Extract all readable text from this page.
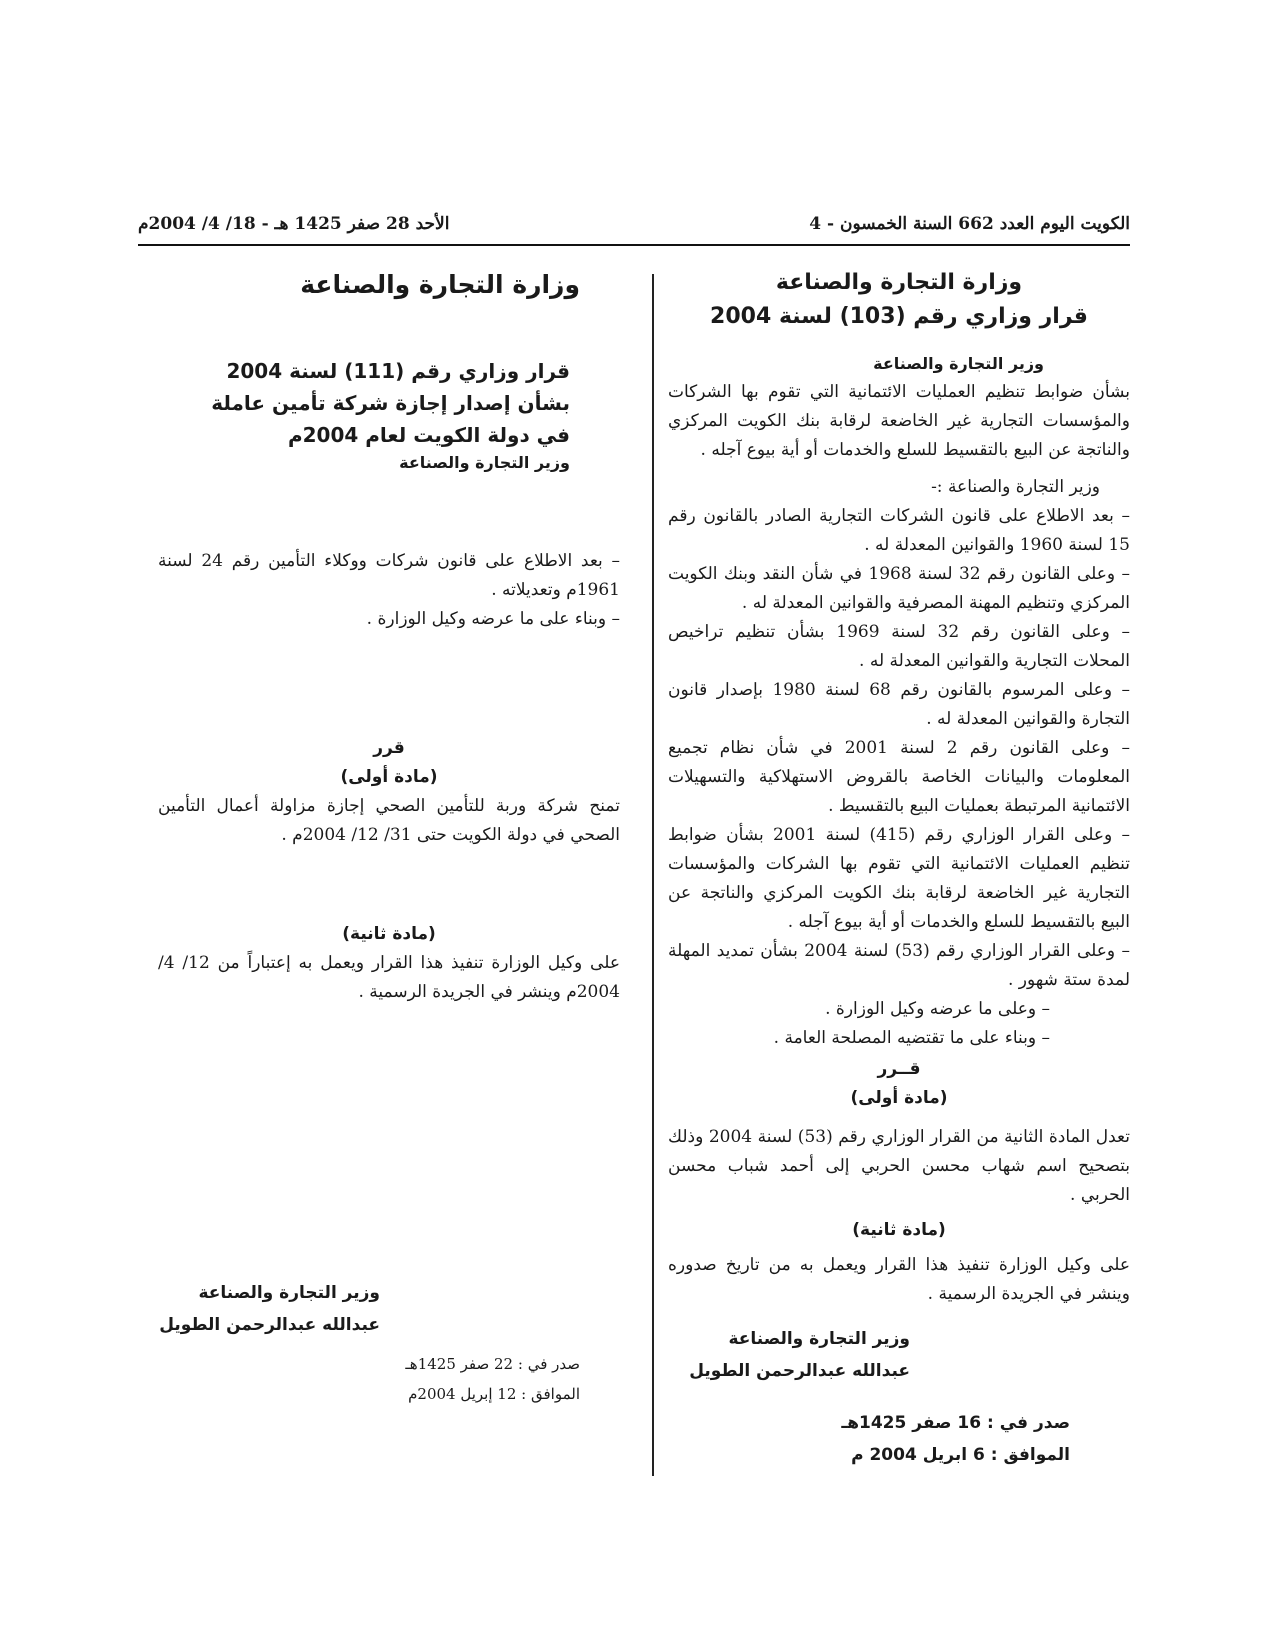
الكويت اليوم العدد 662 السنة الخمسون - 4
الأحد 28 صفر 1425 هـ - 18/ 4/ 2004م

وزارة التجارة والصناعة

قرار وزاري رقم (103) لسنة 2004

وزير التجارة والصناعة

بشأن ضوابط تنظيم العمليات الائتمانية التي تقوم بها الشركات والمؤسسات التجارية غير الخاضعة لرقابة بنك الكويت المركزي والناتجة عن البيع بالتقسيط للسلع والخدمات أو أية بيوع آجله .

وزير التجارة والصناعة :-

– بعد الاطلاع على قانون الشركات التجارية الصادر بالقانون رقم 15 لسنة 1960 والقوانين المعدلة له .

– وعلى القانون رقم 32 لسنة 1968 في شأن النقد وبنك الكويت المركزي وتنظيم المهنة المصرفية والقوانين المعدلة له .

– وعلى القانون رقم 32 لسنة 1969 بشأن تنظيم تراخيص المحلات التجارية والقوانين المعدلة له .

– وعلى المرسوم بالقانون رقم 68 لسنة 1980 بإصدار قانون التجارة والقوانين المعدلة له .

– وعلى القانون رقم 2 لسنة 2001 في شأن نظام تجميع المعلومات والبيانات الخاصة بالقروض الاستهلاكية والتسهيلات الائتمانية المرتبطة بعمليات البيع بالتقسيط .

– وعلى القرار الوزاري رقم (415) لسنة 2001 بشأن ضوابط تنظيم العمليات الائتمانية التي تقوم بها الشركات والمؤسسات التجارية غير الخاضعة لرقابة بنك الكويت المركزي والناتجة عن البيع بالتقسيط للسلع والخدمات أو أية بيوع آجله .

– وعلى القرار الوزاري رقم (53) لسنة 2004 بشأن تمديد المهلة لمدة ستة شهور .

– وعلى ما عرضه وكيل الوزارة .

– وبناء على ما تقتضيه المصلحة العامة .

قــرر

(مادة أولى)

تعدل المادة الثانية من القرار الوزاري رقم (53) لسنة 2004 وذلك بتصحيح اسم شهاب محسن الحربي إلى أحمد شباب محسن الحربي .

(مادة ثانية)

على وكيل الوزارة تنفيذ هذا القرار ويعمل به من تاريخ صدوره وينشر في الجريدة الرسمية .

وزير التجارة والصناعة
عبدالله عبدالرحمن الطويل
صدر في : 16 صفر 1425هـ
الموافق : 6 ابريل 2004 م

وزارة التجارة والصناعة

قرار وزاري رقم (111) لسنة 2004

بشأن إصدار إجازة شركة تأمين عاملة

في دولة الكويت لعام 2004م

وزير التجارة والصناعة

– بعد الاطلاع على قانون شركات ووكلاء التأمين رقم 24 لسنة 1961م وتعديلاته .

– وبناء على ما عرضه وكيل الوزارة .

قرر

(مادة أولى)

تمنح شركة وربة للتأمين الصحي إجازة مزاولة أعمال التأمين الصحي في دولة الكويت حتى 31/ 12/ 2004م .

(مادة ثانية)

على وكيل الوزارة تنفيذ هذا القرار ويعمل به إعتباراً من 12/ 4/ 2004م وينشر في الجريدة الرسمية .

وزير التجارة والصناعة
عبدالله عبدالرحمن الطويل
صدر في : 22 صفر 1425هـ
الموافق : 12 إبريل 2004م
